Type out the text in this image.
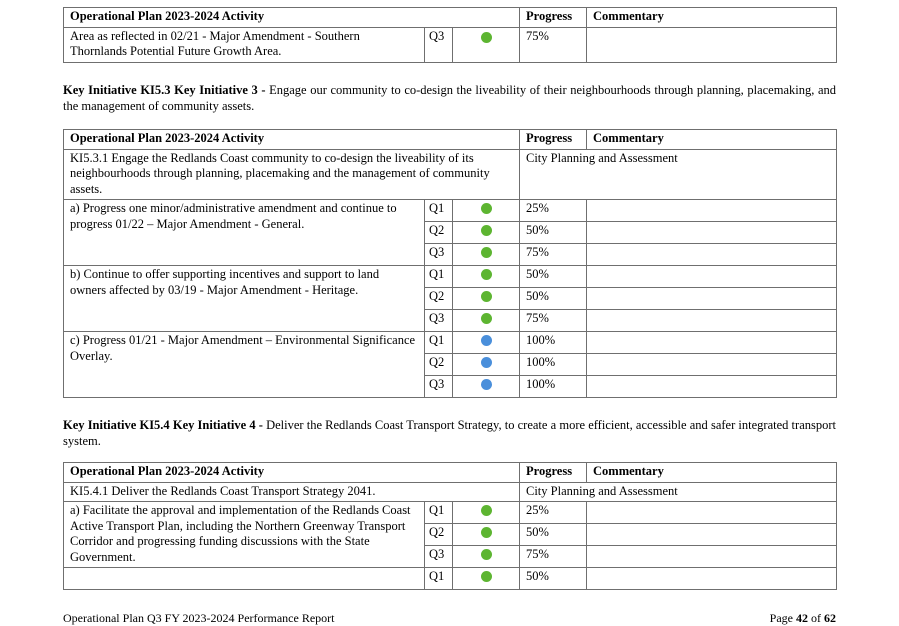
Operational Plan 2023-2024 Activity			Progress	Commentary
Area as reflected in 02/21 - Major Amendment - Southern Thornlands Potential Future Growth Area.	Q3		75%	
Key Initiative KI5.3 Key Initiative 3 - Engage our community to co-design the liveability of their neighbourhoods through planning, placemaking, and the management of community assets.
Operational Plan 2023-2024 Activity			Progress	Commentary
KI5.3.1 Engage the Redlands Coast community to co-design the liveability of its neighbourhoods through planning, placemaking and the management of community assets.			City Planning and Assessment	
a) Progress one minor/administrative amendment and continue to progress 01/22 – Major Amendment - General.	Q1		25%	
	Q2		50%	
	Q3		75%	
b) Continue to offer supporting incentives and support to land owners affected by 03/19 - Major Amendment - Heritage.	Q1		50%	
	Q2		50%	
	Q3		75%	
c) Progress 01/21 - Major Amendment – Environmental Significance Overlay.	Q1		100%	
	Q2		100%	
	Q3		100%	
Key Initiative KI5.4 Key Initiative 4 - Deliver the Redlands Coast Transport Strategy, to create a more efficient, accessible and safer integrated transport system.
Operational Plan 2023-2024 Activity			Progress	Commentary
KI5.4.1 Deliver the Redlands Coast Transport Strategy 2041.			City Planning and Assessment	
a) Facilitate the approval and implementation of the Redlands Coast Active Transport Plan, including the Northern Greenway Transport Corridor and progressing funding discussions with the State Government.	Q1		25%	
	Q2		50%	
	Q3		75%	
	Q1		50%	
Operational Plan Q3 FY 2023-2024 Performance Report	Page 42 of 62
